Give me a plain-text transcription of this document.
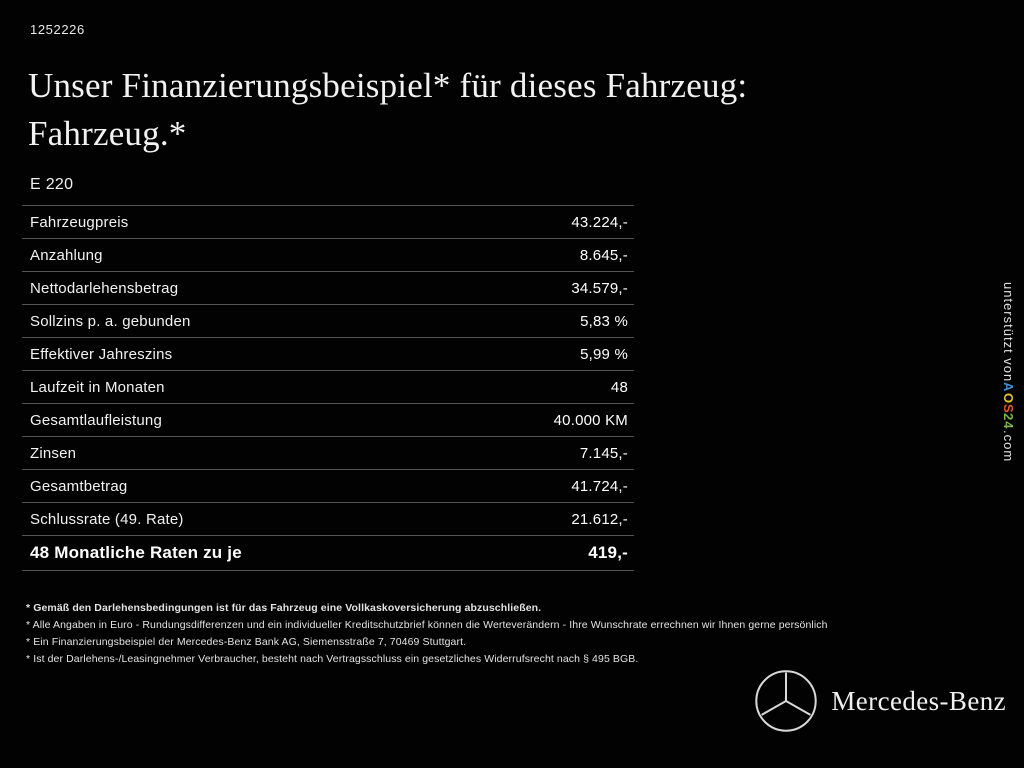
1252226
Unser Finanzierungsbeispiel* für dieses Fahrzeug:
Fahrzeug.*
E 220
Fahrzeugpreis	43.224,-
Anzahlung	8.645,-
Nettodarlehensbetrag	34.579,-
Sollzins p. a. gebunden	5,83 %
Effektiver Jahreszins	5,99 %
Laufzeit in Monaten	48
Gesamtlaufleistung	40.000 KM
Zinsen	7.145,-
Gesamtbetrag	41.724,-
Schlussrate (49. Rate)	21.612,-
48 Monatliche Raten zu je	419,-
* Gemäß den Darlehensbedingungen ist für das Fahrzeug eine Vollkaskoversicherung abzuschließen.
* Alle Angaben in Euro - Rundungsdifferenzen und ein individueller Kreditschutzbrief können die Werteverändern - Ihre Wunschrate errechnen wir Ihnen gerne persönlich
* Ein Finanzierungsbeispiel der Mercedes-Benz Bank AG, Siemensstraße 7, 70469 Stuttgart.
* Ist der Darlehens-/Leasingnehmer Verbraucher, besteht nach Vertragsschluss ein gesetzliches Widerrufsrecht nach § 495 BGB.
unterstützt von
A
O
S
24
.com
Mercedes-Benz
